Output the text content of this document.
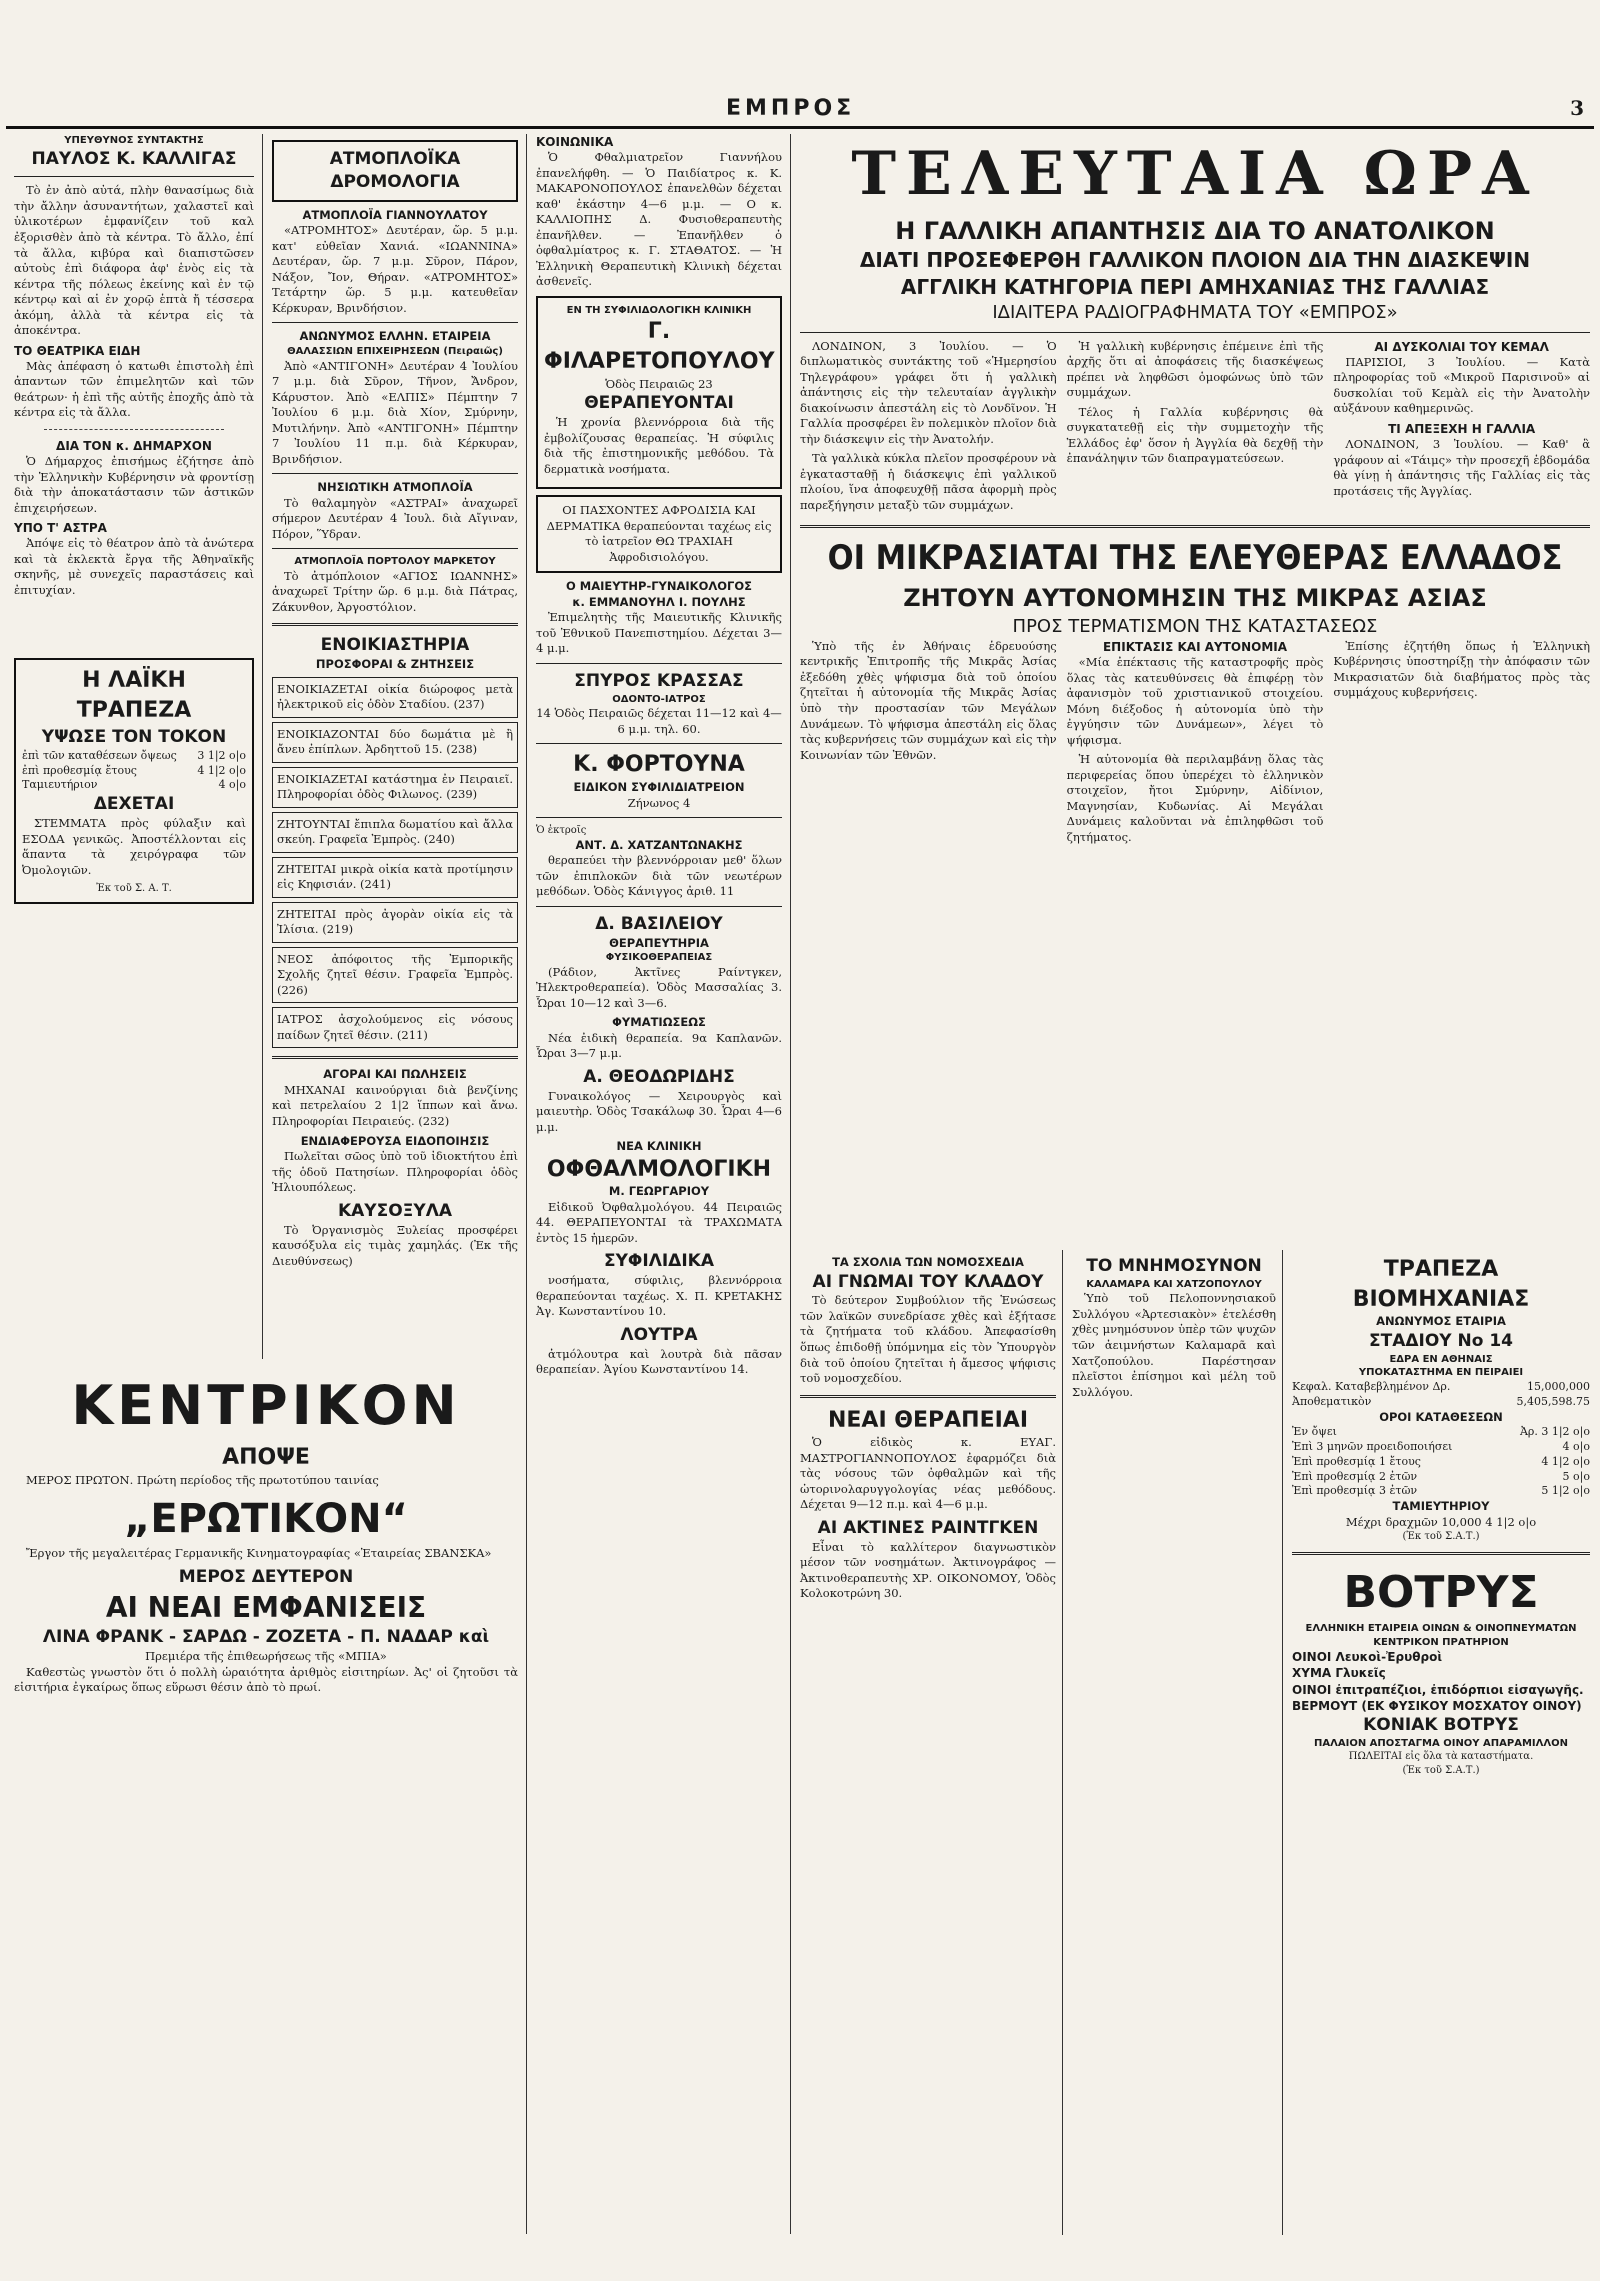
ΕΜΠΡΟΣ	3
ΥΠΕΥΘΥΝΟΣ ΣΥΝΤΑΚΤΗΣ
ΠΑΥΛΟΣ Κ. ΚΑΛΛΙΓΑΣ

Τὸ ἐν ἀπὸ αὐτά, πλὴν θανασίμως διὰ τὴν ἄλλην ἀσυναντήτων, χαλαστεῖ καὶ ὑλικοτέρων ἐμφανίζειν τοῦ καλ ἐξορισθὲν ἀπὸ τὰ κέντρα. Τὸ ἄλλο, ἐπί τὰ ἄλλα, κιβύρα καὶ διαπιστῶσεν αὐτοὺς ἐπὶ διάφορα ἀφ' ἑνὸς εἰς τὰ κέντρα τῆς πόλεως ἐκείνης καὶ ἐν τῷ κέντρῳ καὶ αἱ ἐν χορῷ ἑπτὰ ἤ τέσσερα ἀκόμη, ἀλλὰ τὰ κέντρα εἰς τὰ ἀποκέντρα.

ΤΟ ΘΕΑΤΡΙΚΑ ΕΙΔΗ

Μὰς ἀπέφαση ὁ κατωθι ἐπιστολὴ ἐπὶ ἀπαντων τῶν ἐπιμελητῶν καὶ τῶν θεάτρων· ἡ ἐπὶ τῆς αὐτῆς ἐποχῆς ἀπὸ τὰ κέντρα εἰς τὰ ἄλλα.

ΔΙΑ ΤΟΝ κ. ΔΗΜΑΡΧΟΝ

Ὁ Δήμαρχος ἐπισήμως ἐζήτησε ἀπὸ τὴν Ἑλληνικὴν Κυβέρνησιν νὰ φροντίσῃ διὰ τὴν ἀποκατάστασιν τῶν ἀστικῶν ἐπιχειρήσεων.

ΥΠΟ Τ' ΑΣΤΡΑ

Ἀπόψε εἰς τὸ θέατρον ἀπὸ τὰ ἀνώτερα καὶ τὰ ἐκλεκτὰ ἔργα τῆς Ἀθηναϊκῆς σκηνῆς, μὲ συνεχεῖς παραστάσεις καὶ ἐπιτυχίαν.

Η ΛΑΪΚΗ ΤΡΑΠΕΖΑ
ΥΨΩΣΕ ΤΟΝ ΤΟΚΟΝ
ἐπὶ τῶν καταθέσεων ὄψεως 3 1|2 ο|ο
ἐπὶ προθεσμίᾳ ἔτους	4 1|2 ο|ο
Ταμιευτήριον	4 ο|ο
ΔΕΧΕΤΑΙ

ΣΤΕΜΜΑΤΑ πρὸς φύλαξιν καὶ ΕΣΟΔΑ γενικῶς. Ἀποστέλλονται εἰς ἅπαντα τὰ χειρόγραφα τῶν Ὀμολογιῶν.

Ἐκ τοῦ Σ. Α. Τ.
ΑΤΜΟΠΛΟΪΚΑ ΔΡΟΜΟΛΟΓΙΑ
ΑΤΜΟΠΛΟΪΑ ΓΙΑΝΝΟΥΛΑΤΟΥ

«ΑΤΡΟΜΗΤΟΣ» Δευτέραν, ὥρ. 5 μ.μ. κατ' εὐθεῖαν Χανιά. «ΙΩΑΝΝΙΝΑ» Δευτέραν, ὥρ. 7 μ.μ. Σῦρον, Πάρον, Νάξον, Ἴον, Θήραν. «ΑΤΡΟΜΗΤΟΣ» Τετάρτην ὥρ. 5 μ.μ. κατευθεῖαν Κέρκυραν, Βρινδήσιον.

ΑΝΩΝΥΜΟΣ ΕΛΛΗΝ. ΕΤΑΙΡΕΙΑ
ΘΑΛΑΣΣΙΩΝ ΕΠΙΧΕΙΡΗΣΕΩΝ (Πειραιῶς)

Ἀπὸ «ΑΝΤΙΓΟΝΗ» Δευτέραν 4 Ἰουλίου 7 μ.μ. διὰ Σῦρον, Τῆνον, Ἄνδρον, Κάρυστον. Ἀπὸ «ΕΛΠΙΣ» Πέμπτην 7 Ἰουλίου 6 μ.μ. διὰ Χίον, Σμύρνην, Μυτιλήνην. Ἀπὸ «ΑΝΤΙΓΟΝΗ» Πέμπτην 7 Ἰουλίου 11 π.μ. διὰ Κέρκυραν, Βρινδήσιον.

ΝΗΣΙΩΤΙΚΗ ΑΤΜΟΠΛΟΪΑ

Τὸ θαλαμηγὸν «ΑΣΤΡΑΙ» ἀναχωρεῖ σήμερον Δευτέραν 4 Ἰουλ. διὰ Αἴγιναν, Πόρον, Ὕδραν.

ΑΤΜΟΠΛΟΪΑ ΠΟΡΤΟΛΟΥ ΜΑΡΚΕΤΟΥ

Τὸ ἀτμόπλοιον «ΑΓΙΟΣ ΙΩΑΝΝΗΣ» ἀναχωρεῖ Τρίτην ὥρ. 6 μ.μ. διὰ Πάτρας, Ζάκυνθον, Ἀργοστόλιον.

ΕΝΟΙΚΙΑΣΤΗΡΙΑ
ΠΡΟΣΦΟΡΑΙ & ΖΗΤΗΣΕΙΣ
ΕΝΟΙΚΙΑΖΕΤΑΙ οἰκία διώροφος μετὰ ἠλεκτρικοῦ εἰς ὁδὸν Σταδίου. (237)
ΕΝΟΙΚΙΑΖΟΝΤΑΙ δύο δωμάτια μὲ ἢ ἄνευ ἐπίπλων. Ἀρδηττοῦ 15. (238)
ΕΝΟΙΚΙΑΖΕΤΑΙ κατάστημα ἐν Πειραιεῖ. Πληροφορίαι ὁδὸς Φιλωνος. (239)
ΖΗΤΟΥΝΤΑΙ ἔπιπλα δωματίου καὶ ἄλλα σκεύη. Γραφεῖα Ἐμπρὸς. (240)
ΖΗΤΕΙΤΑΙ μικρὰ οἰκία κατὰ προτίμησιν εἰς Κηφισιάν. (241)
ΖΗΤΕΙΤΑΙ πρὸς ἀγορὰν οἰκία εἰς τὰ Ἰλίσια. (219)
ΝΕΟΣ ἀπόφοιτος τῆς Ἐμπορικῆς Σχολῆς ζητεῖ θέσιν. Γραφεῖα Ἐμπρὸς. (226)
ΙΑΤΡΟΣ ἀσχολούμενος εἰς νόσους παίδων ζητεῖ θέσιν. (211)
ΑΓΟΡΑΙ ΚΑΙ ΠΩΛΗΣΕΙΣ

ΜΗΧΑΝΑΙ καινούργιαι διὰ βενζίνης καὶ πετρελαίου 2 1|2 ἵππων καὶ ἄνω. Πληροφορίαι Πειραιεύς. (232)

ΕΝΔΙΑΦΕΡΟΥΣΑ ΕΙΔΟΠΟΙΗΣΙΣ

Πωλεῖται σῶος ὑπὸ τοῦ ἰδιοκτήτου ἐπὶ τῆς ὁδοῦ Πατησίων. Πληροφορίαι ὁδὸς Ἡλιουπόλεως.

ΚΑΥΣΟΞΥΛΑ

Τὸ Ὀργανισμὸς Ξυλείας προσφέρει καυσόξυλα εἰς τιμὰς χαμηλάς. (Ἐκ τῆς Διευθύνσεως)

ΚΟΙΝΩΝΙΚΑ

Ὁ Φθαλμιατρεῖον Γιαννήλου ἐπανελήφθη. — Ὁ Παιδίατρος κ. Κ. ΜΑΚΑΡΟΝΟΠΟΥΛΟΣ ἐπανελθὼν δέχεται καθ' ἑκάστην 4—6 μ.μ. — Ο κ. ΚΑΛΛΙΟΠΗΣ Δ. Φυσιοθεραπευτὴς ἐπανῆλθεν. — Ἐπανῆλθεν ὁ ὀφθαλμίατρος κ. Γ. ΣΤΑΘΑΤΟΣ. — Ἡ Ἐλληνικὴ Θεραπευτικὴ Κλινικὴ δέχεται ἀσθενεῖς.

ΕΝ ΤΗ ΣΥΦΙΛΙΔΟΛΟΓΙΚΗ ΚΛΙΝΙΚΗ
Γ. ΦΙΛΑΡΕΤΟΠΟΥΛΟΥ
Ὁδὸς Πειραιῶς 23
ΘΕΡΑΠΕΥΟΝΤΑΙ

Ἡ χρονία βλεννόρροια διὰ τῆς ἐμβολίζουσας θεραπείας. Ἡ σύφιλις διὰ τῆς ἐπιστημονικῆς μεθόδου. Τὰ δερματικὰ νοσήματα.

ΟΙ ΠΑΣΧΟΝΤΕΣ ΑΦΡΟΔΙΣΙΑ ΚΑΙ ΔΕΡΜΑΤΙΚΑ θεραπεύονται ταχέως εἰς τὸ ἰατρεῖον ΘΩ ΤΡΑΧΙΑΗ Ἀφροδισιολόγου.
Ο ΜΑΙΕΥΤΗΡ-ΓΥΝΑΙΚΟΛΟΓΟΣ
κ. ΕΜΜΑΝΟΥΗΛ Ι. ΠΟΥΛΗΣ

Ἐπιμελητὴς τῆς Μαιευτικῆς Κλινικῆς τοῦ Ἐθνικοῦ Πανεπιστημίου. Δέχεται 3—4 μ.μ.

ΣΠΥΡΟΣ ΚΡΑΣΣΑΣ
ΟΔΟΝΤΟ-ΙΑΤΡΟΣ
14 Ὁδὸς Πειραιῶς δέχεται 11—12 καὶ 4—6 μ.μ. τηλ. 60.
Κ. ΦΟΡΤΟΥΝΑ
ΕΙΔΙΚΟΝ ΣΥΦΙΛΙΔΙΑΤΡΕΙΟΝ
Ζήνωνος 4
Ὁ ἐκτροῖς
ΑΝΤ. Δ. ΧΑΤΖΑΝΤΩΝΑΚΗΣ

θεραπεύει τὴν βλεννόρροιαν μεθ' ὅλων τῶν ἐπιπλοκῶν διὰ τῶν νεωτέρων μεθόδων. Ὁδὸς Κάνιγγος ἀριθ. 11

Δ. ΒΑΣΙΛΕΙΟΥ
ΘΕΡΑΠΕΥΤΗΡΙΑ
ΦΥΣΙΚΟΘΕΡΑΠΕΙΑΣ

(Ράδιον, Ἀκτῖνες Ραίντγκεν, Ἠλεκτροθεραπεία). Ὁδὸς Μασσαλίας 3. Ὧραι 10—12 καὶ 3—6.

ΦΥΜΑΤΙΩΣΕΩΣ

Νέα ἐιδικὴ θεραπεία. 9α Καπλανῶν. Ὧραι 3—7 μ.μ.

Α. ΘΕΟΔΩΡΙΔΗΣ

Γυναικολόγος — Χειρουργὸς καὶ μαιευτὴρ. Ὁδὸς Τσακάλωφ 30. Ὧραι 4—6 μ.μ.

ΝΕΑ ΚΛΙΝΙΚΗ
ΟΦΘΑΛΜΟΛΟΓΙΚΗ
Μ. ΓΕΩΡΓΑΡΙΟΥ

Εἰδικοῦ Ὀφθαλμολόγου. 44 Πειραιῶς 44. ΘΕΡΑΠΕΥΟΝΤΑΙ τὰ ΤΡΑΧΩΜΑΤΑ ἐντὸς 15 ἡμερῶν.

ΣΥΦΙΛΙΔΙΚΑ

νοσήματα, σύφιλις, βλεννόρροια θεραπεύονται ταχέως. Χ. Π. ΚΡΕΤΑΚΗΣ Ἀγ. Κωνσταντίνου 10.

ΛΟΥΤΡΑ

ἀτμόλουτρα καὶ λουτρὰ διὰ πᾶσαν θεραπείαν. Ἀγίου Κωνσταντίνου 14.

ΤΕΛΕΥΤΑΙΑ ΩΡΑ
Η ΓΑΛΛΙΚΗ ΑΠΑΝΤΗΣΙΣ ΔΙΑ ΤΟ ΑΝΑΤΟΛΙΚΟΝ
ΔΙΑΤΙ ΠΡΟΣΕΦΕΡΘΗ ΓΑΛΛΙΚΟΝ ΠΛΟΙΟΝ ΔΙΑ ΤΗΝ ΔΙΑΣΚΕΨΙΝ
ΑΓΓΛΙΚΗ ΚΑΤΗΓΟΡΙΑ ΠΕΡΙ ΑΜΗΧΑΝΙΑΣ ΤΗΣ ΓΑΛΛΙΑΣ
ΙΔΙΑΙΤΕΡΑ ΡΑΔΙΟΓΡΑΦΗΜΑΤΑ ΤΟΥ «ΕΜΠΡΟΣ»

ΛΟΝΔΙΝΟΝ, 3 Ἰουλίου. — Ὁ διπλωματικὸς συντάκτης τοῦ «Ἡμερησίου Τηλεγράφου» γράφει ὅτι ἡ γαλλικὴ ἀπάντησις εἰς τὴν τελευταίαν ἀγγλικὴν διακοίνωσιν ἀπεστάλη εἰς τὸ Λονδῖνον. Ἡ Γαλλία προσφέρει ἓν πολεμικὸν πλοῖον διὰ τὴν διάσκεψιν εἰς τὴν Ἀνατολήν.

Τὰ γαλλικὰ κύκλα πλεῖον προσφέρουν νὰ ἐγκατασταθῇ ἡ διάσκεψις ἐπὶ γαλλικοῦ πλοίου, ἵνα ἀποφευχθῇ πᾶσα ἀφορμὴ πρὸς παρεξήγησιν μεταξὺ τῶν συμμάχων.

Ἡ γαλλικὴ κυβέρνησις ἐπέμεινε ἐπὶ τῆς ἀρχῆς ὅτι αἱ ἀποφάσεις τῆς διασκέψεως πρέπει νὰ ληφθῶσι ὁμοφώνως ὑπὸ τῶν συμμάχων.

Τέλος ἡ Γαλλία κυβέρνησις θὰ συγκατατεθῇ εἰς τὴν συμμετοχὴν τῆς Ἑλλάδος ἐφ' ὅσον ἡ Ἀγγλία θὰ δεχθῇ τὴν ἐπανάληψιν τῶν διαπραγματεύσεων.

ΑΙ ΔΥΣΚΟΛΙΑΙ ΤΟΥ ΚΕΜΑΛ

ΠΑΡΙΣΙΟΙ, 3 Ἰουλίου. — Κατὰ πληροφορίας τοῦ «Μικροῦ Παρισινοῦ» αἱ δυσκολίαι τοῦ Κεμὰλ εἰς τὴν Ἀνατολὴν αὐξάνουν καθημερινῶς.

ΤΙ ΑΠΕΞΕΧΗ Η ΓΑΛΛΙΑ

ΛΟΝΔΙΝΟΝ, 3 Ἰουλίου. — Καθ' ἃ γράφουν αἱ «Τάιμς» τὴν προσεχῆ ἑβδομάδα θὰ γίνῃ ἡ ἀπάντησις τῆς Γαλλίας εἰς τὰς προτάσεις τῆς Ἀγγλίας.

ΟΙ ΜΙΚΡΑΣΙΑΤΑΙ ΤΗΣ ΕΛΕΥΘΕΡΑΣ ΕΛΛΑΔΟΣ
ΖΗΤΟΥΝ ΑΥΤΟΝΟΜΗΣΙΝ ΤΗΣ ΜΙΚΡΑΣ ΑΣΙΑΣ
ΠΡΟΣ ΤΕΡΜΑΤΙΣΜΟΝ ΤΗΣ ΚΑΤΑΣΤΑΣΕΩΣ

Ὑπὸ τῆς ἐν Ἀθήναις ἑδρευούσης κεντρικῆς Ἐπιτροπῆς τῆς Μικρᾶς Ἀσίας ἐξεδόθη χθὲς ψήφισμα διὰ τοῦ ὁποίου ζητεῖται ἡ αὐτονομία τῆς Μικρᾶς Ἀσίας ὑπὸ τὴν προστασίαν τῶν Μεγάλων Δυνάμεων. Τὸ ψήφισμα ἀπεστάλη εἰς ὅλας τὰς κυβερνήσεις τῶν συμμάχων καὶ εἰς τὴν Κοινωνίαν τῶν Ἐθνῶν.

ΕΠΙΚΤΑΣΙΣ ΚΑΙ ΑΥΤΟΝΟΜΙΑ

«Μία ἐπέκτασις τῆς καταστροφῆς πρὸς ὅλας τὰς κατευθύνσεις θὰ ἐπιφέρῃ τὸν ἀφανισμὸν τοῦ χριστιανικοῦ στοιχείου. Μόνη διέξοδος ἡ αὐτονομία ὑπὸ τὴν ἐγγύησιν τῶν Δυνάμεων», λέγει τὸ ψήφισμα.

Ἡ αὐτονομία θὰ περιλαμβάνῃ ὅλας τὰς περιφερείας ὅπου ὑπερέχει τὸ ἑλληνικὸν στοιχεῖον, ἤτοι Σμύρνην, Αἰδίνιον, Μαγνησίαν, Κυδωνίας. Αἱ Μεγάλαι Δυνάμεις καλοῦνται νὰ ἐπιληφθῶσι τοῦ ζητήματος.

Ἐπίσης ἐζητήθη ὅπως ἡ Ἑλληνικὴ Κυβέρνησις ὑποστηρίξῃ τὴν ἀπόφασιν τῶν Μικρασιατῶν διὰ διαβήματος πρὸς τὰς συμμάχους κυβερνήσεις.

ΤΑ ΣΧΟΛΙΑ ΤΩΝ ΝΟΜΟΣΧΕΔΙΑ
ΑΙ ΓΝΩΜΑΙ ΤΟΥ ΚΛΑΔΟΥ

Τὸ δεύτερον Συμβούλιον τῆς Ἑνώσεως τῶν λαϊκῶν συνεδρίασε χθὲς καὶ ἐξήτασε τὰ ζητήματα τοῦ κλάδου. Ἀπεφασίσθη ὅπως ἐπιδοθῇ ὑπόμνημα εἰς τὸν Ὑπουργὸν διὰ τοῦ ὁποίου ζητεῖται ἡ ἄμεσος ψήφισις τοῦ νομοσχεδίου.

ΝΕΑΙ ΘΕΡΑΠΕΙΑΙ

Ὁ εἰδικὸς κ. ΕΥΑΓ. ΜΑΣΤΡΟΓΙΑΝΝΟΠΟΥΛΟΣ ἐφαρμόζει διὰ τὰς νόσους τῶν ὀφθαλμῶν καὶ τῆς ὠτορινολαρυγγολογίας νέας μεθόδους. Δέχεται 9—12 π.μ. καὶ 4—6 μ.μ.

ΑΙ ΑΚΤΙΝΕΣ ΡΑΙΝΤΓΚΕΝ

Εἶναι τὸ καλλίτερον διαγνωστικὸν μέσον τῶν νοσημάτων. Ἀκτινογράφος — Ἀκτινοθεραπευτὴς ΧΡ. ΟΙΚΟΝΟΜΟΥ, Ὁδὸς Κολοκοτρώνη 30.

ΤΟ ΜΝΗΜΟΣΥΝΟΝ
ΚΑΛΑΜΑΡΑ ΚΑΙ ΧΑΤΖΟΠΟΥΛΟΥ

Ὑπὸ τοῦ Πελοποννησιακοῦ Συλλόγου «Ἀρτεσιακὸν» ἐτελέσθη χθὲς μνημόσυνον ὑπὲρ τῶν ψυχῶν τῶν ἀειμνήστων Καλαμαρᾶ καὶ Χατζοπούλου. Παρέστησαν πλεῖστοι ἐπίσημοι καὶ μέλη τοῦ Συλλόγου.

ΤΡΑΠΕΖΑ ΒΙΟΜΗΧΑΝΙΑΣ
ΑΝΩΝΥΜΟΣ ΕΤΑΙΡΙΑ
ΣΤΑΔΙΟΥ Νο 14
ΕΔΡΑ ΕΝ ΑΘΗΝΑΙΣ
ΥΠΟΚΑΤΑΣΤΗΜΑ ΕΝ ΠΕΙΡΑΙΕΙ
Κεφαλ. Καταβεβλημένον Δρ.	15,000,000
Ἀποθεματικὸν	5,405,598.75
ΟΡΟΙ ΚΑΤΑΘΕΣΕΩΝ
Ἐν ὄψει	Ἀρ. 3 1|2 ο|ο
Ἐπὶ 3 μηνῶν προειδοποιήσει	4 ο|ο
Ἐπὶ προθεσμίᾳ 1 ἔτους	4 1|2 ο|ο
Ἐπὶ προθεσμίᾳ 2 ἐτῶν	5 ο|ο
Ἐπὶ προθεσμίᾳ 3 ἐτῶν	5 1|2 ο|ο
ΤΑΜΙΕΥΤΗΡΙΟΥ
Μέχρι δραχμῶν 10,000 4 1|2 ο|ο
(Ἐκ τοῦ Σ.Α.Τ.)
ΒΟΤΡΥΣ
ΕΛΛΗΝΙΚΗ ΕΤΑΙΡΕΙΑ ΟΙΝΩΝ & ΟΙΝΟΠΝΕΥΜΑΤΩΝ
ΚΕΝΤΡΙΚΟΝ ΠΡΑΤΗΡΙΟΝ
ΟΙΝΟΙ Λευκοὶ-Ἐρυθροὶ
ΧΥΜΑ Γλυκεῖς
ΟΙΝΟΙ ἐπιτραπέζιοι, ἐπιδόρπιοι εἰσαγωγῆς.
ΒΕΡΜΟΥΤ (ΕΚ ΦΥΣΙΚΟΥ ΜΟΣΧΑΤΟΥ ΟΙΝΟΥ)
ΚΟΝΙΑΚ ΒΟΤΡΥΣ
ΠΑΛΑΙΟΝ ΑΠΟΣΤΑΓΜΑ ΟΙΝΟΥ ΑΠΑΡΑΜΙΛΛΟΝ
ΠΩΛΕΙΤΑΙ εἰς ὅλα τὰ καταστήματα.
(Ἐκ τοῦ Σ.Α.Τ.)
ΚΕΝΤΡΙΚΟΝ
ΑΠΟΨΕ

ΜΕΡΟΣ ΠΡΩΤΟΝ. Πρώτη περίοδος τῆς πρωτοτύπου ταινίας

„ΕΡΩΤΙΚΟΝ“

Ἔργον τῆς μεγαλειτέρας Γερμανικῆς Κινηματογραφίας «Ἐταιρείας ΣΒΑΝΣΚΑ»

ΜΕΡΟΣ ΔΕΥΤΕΡΟΝ
ΑΙ ΝΕΑΙ ΕΜΦΑΝΙΣΕΙΣ
ΛΙΝΑ ΦΡΑΝΚ - ΣΑΡΔΩ - ΖΟΖΕΤΑ - Π. ΝΑΔΑΡ καὶ
Πρεμιέρα τῆς ἐπιθεωρήσεως τῆς «ΜΠΙΑ»

Καθεστὼς γνωστὸν ὅτι ὁ πολλὴ ὡραιότητα ἀριθμὸς εἰσιτηρίων. Ἀς' οἱ ζητοῦσι τὰ εἰσιτήρια ἐγκαίρως ὅπως εὕρωσι θέσιν ἀπὸ τὸ πρωί.
